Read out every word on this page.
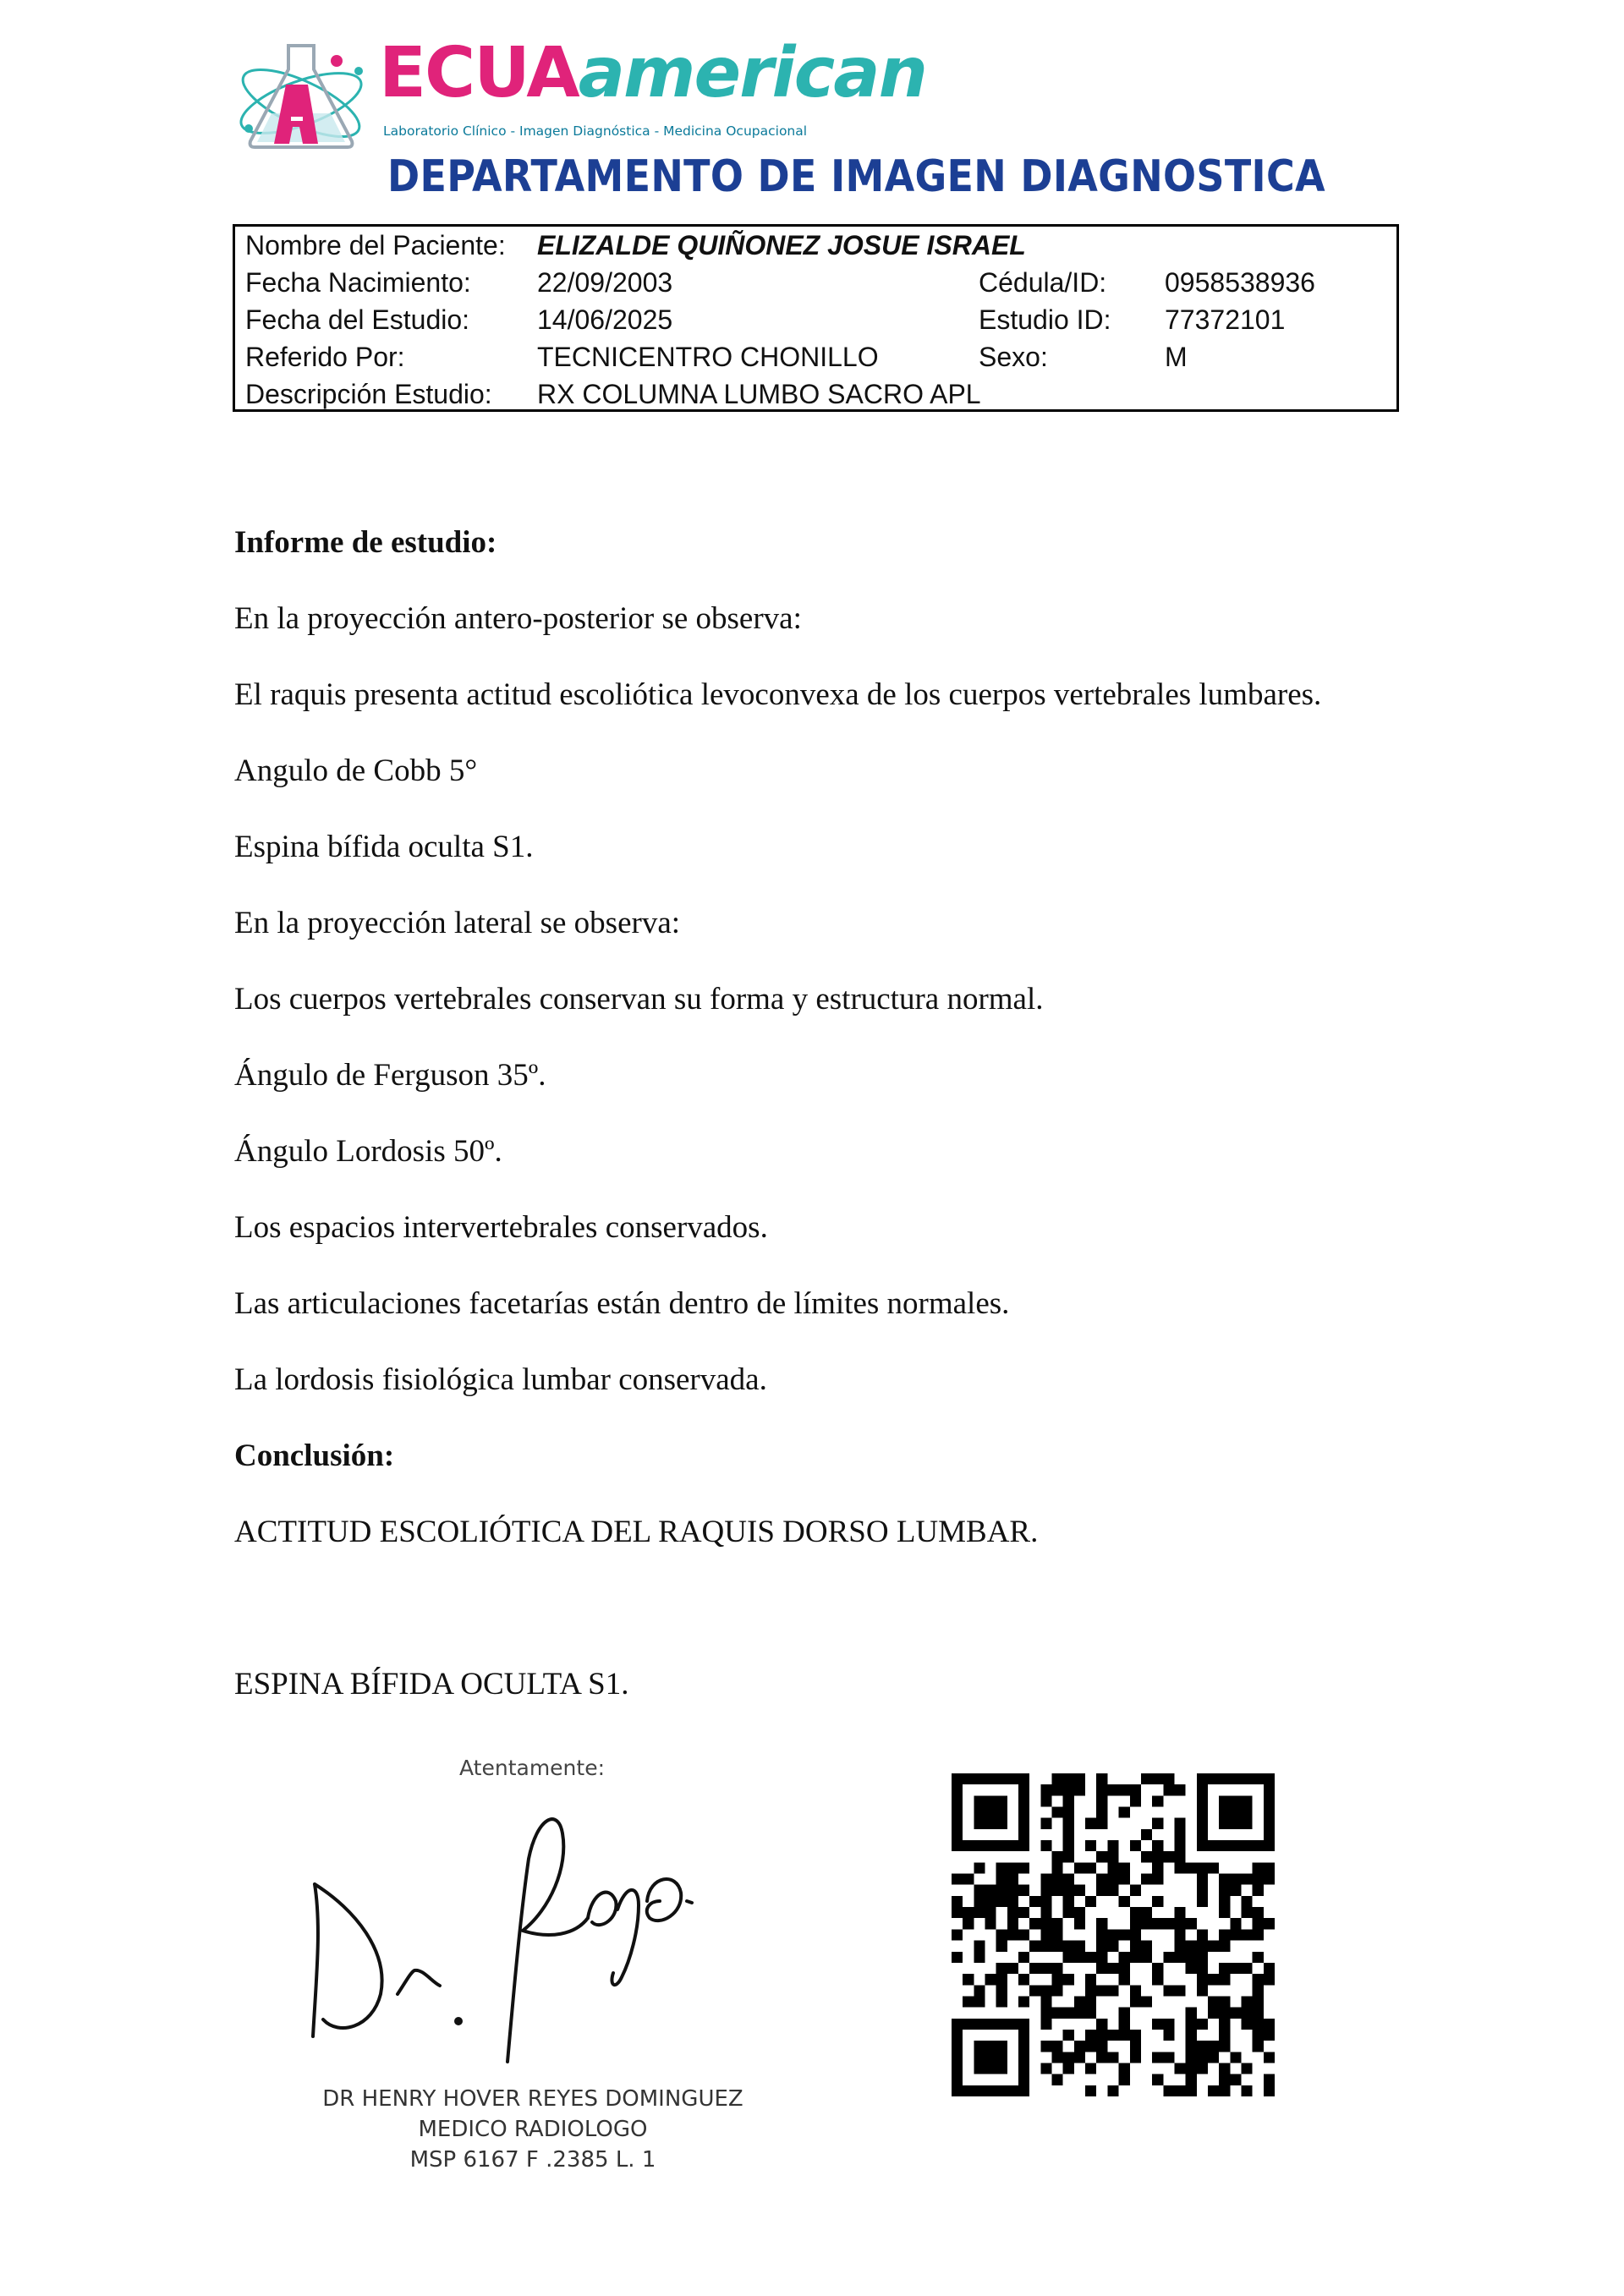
ECUAamerican
Laboratorio Clínico - Imagen Diagnóstica - Medicina Ocupacional
DEPARTAMENTO DE IMAGEN DIAGNOSTICA
Nombre del Paciente: ELIZALDE QUIÑONEZ JOSUE ISRAEL
Fecha Nacimiento: 22/09/2003	Cédula/ID: 0958538936
Fecha del Estudio: 14/06/2025	Estudio ID: 77372101
Referido Por:	TECNICENTRO CHONILLO	Sexo:	M
Descripción Estudio: RX COLUMNA LUMBO SACRO APL

Informe de estudio:

En la proyección antero-posterior se observa:

El raquis presenta actitud escoliótica levoconvexa de los cuerpos vertebrales lumbares.

Angulo de Cobb 5°

Espina bífida oculta S1.

En la proyección lateral se observa:

Los cuerpos vertebrales conservan su forma y estructura normal.

Ángulo de Ferguson 35º.

Ángulo Lordosis 50º.

Los espacios intervertebrales conservados.

Las articulaciones facetarías están dentro de límites normales.

La lordosis fisiológica lumbar conservada.

Conclusión:

ACTITUD ESCOLIÓTICA DEL RAQUIS DORSO LUMBAR.

ESPINA BÍFIDA OCULTA S1.

Atentamente:
DR HENRY HOVER REYES DOMINGUEZ
MEDICO RADIOLOGO
MSP 6167 F .2385 L. 1
